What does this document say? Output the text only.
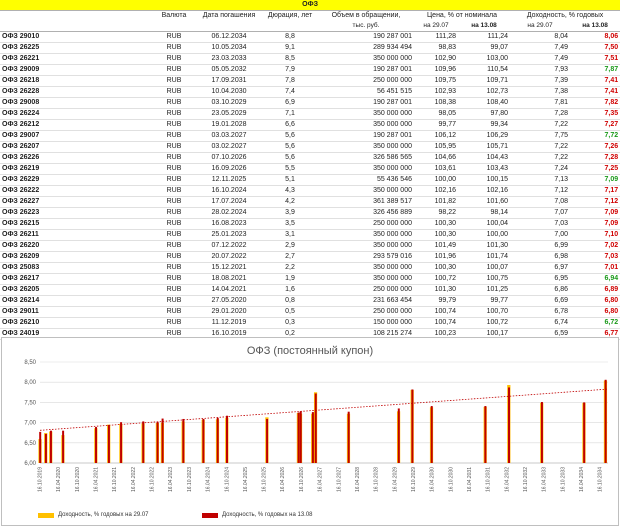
ОФЗ								
	Валюта	Дата погашения	Дюрация, лет	Объем в обращении,	Цена, % от номинала		Доходность, % годовых	
				тыс. руб.	на 29.07	на 13.08	на 29.07	на 13.08
ОФЗ 29010	RUB	06.12.2034	8,8	190 287 001	111,28	111,24	8,04	8,06
ОФЗ 26225	RUB	10.05.2034	9,1	289 934 494	98,83	99,07	7,49	7,50
ОФЗ 26221	RUB	23.03.2033	8,5	350 000 000	102,90	103,00	7,49	7,51
ОФЗ 29009	RUB	05.05.2032	7,9	190 287 001	109,96	110,54	7,93	7,87
ОФЗ 26218	RUB	17.09.2031	7,8	250 000 000	109,75	109,71	7,39	7,41
ОФЗ 26228	RUB	10.04.2030	7,4	56 451 515	102,93	102,73	7,38	7,41
ОФЗ 29008	RUB	03.10.2029	6,9	190 287 001	108,38	108,40	7,81	7,82
ОФЗ 26224	RUB	23.05.2029	7,1	350 000 000	98,05	97,80	7,28	7,35
ОФЗ 26212	RUB	19.01.2028	6,6	350 000 000	99,77	99,34	7,22	7,27
ОФЗ 29007	RUB	03.03.2027	5,6	190 287 001	106,12	106,29	7,75	7,72
ОФЗ 26207	RUB	03.02.2027	5,6	350 000 000	105,95	105,71	7,22	7,26
ОФЗ 26226	RUB	07.10.2026	5,6	326 586 565	104,66	104,43	7,22	7,28
ОФЗ 26219	RUB	16.09.2026	5,5	350 000 000	103,61	103,43	7,24	7,25
ОФЗ 26229	RUB	12.11.2025	5,1	55 436 546	100,00	100,15	7,13	7,09
ОФЗ 26222	RUB	16.10.2024	4,3	350 000 000	102,16	102,16	7,12	7,17
ОФЗ 26227	RUB	17.07.2024	4,2	361 389 517	101,82	101,60	7,08	7,12
ОФЗ 26223	RUB	28.02.2024	3,9	326 456 889	98,22	98,14	7,07	7,09
ОФЗ 26215	RUB	16.08.2023	3,5	250 000 000	100,30	100,04	7,03	7,09
ОФЗ 26211	RUB	25.01.2023	3,1	350 000 000	100,30	100,00	7,00	7,10
ОФЗ 26220	RUB	07.12.2022	2,9	350 000 000	101,49	101,30	6,99	7,02
ОФЗ 26209	RUB	20.07.2022	2,7	293 579 016	101,96	101,74	6,98	7,03
ОФЗ 25083	RUB	15.12.2021	2,2	350 000 000	100,30	100,07	6,97	7,01
ОФЗ 26217	RUB	18.08.2021	1,9	350 000 000	100,72	100,75	6,95	6,94
ОФЗ 26205	RUB	14.04.2021	1,6	250 000 000	101,30	101,25	6,86	6,89
ОФЗ 26214	RUB	27.05.2020	0,8	231 663 454	99,79	99,77	6,69	6,80
ОФЗ 29011	RUB	29.01.2020	0,5	250 000 000	100,74	100,70	6,78	6,80
ОФЗ 26210	RUB	11.12.2019	0,3	150 000 000	100,74	100,72	6,74	6,72
ОФЗ 24019	RUB	16.10.2019	0,2	108 215 274	100,23	100,17	6,59	6,77
ОФЗ (постоянный купон)
6,00
6,50
7,00
7,50
8,00
8,50
16.10.2019	16.04.2020	16.10.2020	16.04.2021	16.10.2021	16.04.2022	16.10.2022	16.04.2023	16.10.2023	16.04.2024	16.10.2024	16.04.2025	16.10.2025	16.04.2026	16.10.2026	16.04.2027	16.10.2027	16.04.2028	16.10.2028	16.04.2029	16.10.2029	16.04.2030	16.10.2030	16.04.2031	16.10.2031	16.04.2032	16.10.2032	16.04.2033	16.10.2033	16.04.2034	16.10.2034
Доходность, % годовых на 29.07	Доходность, % годовых на 13.08
